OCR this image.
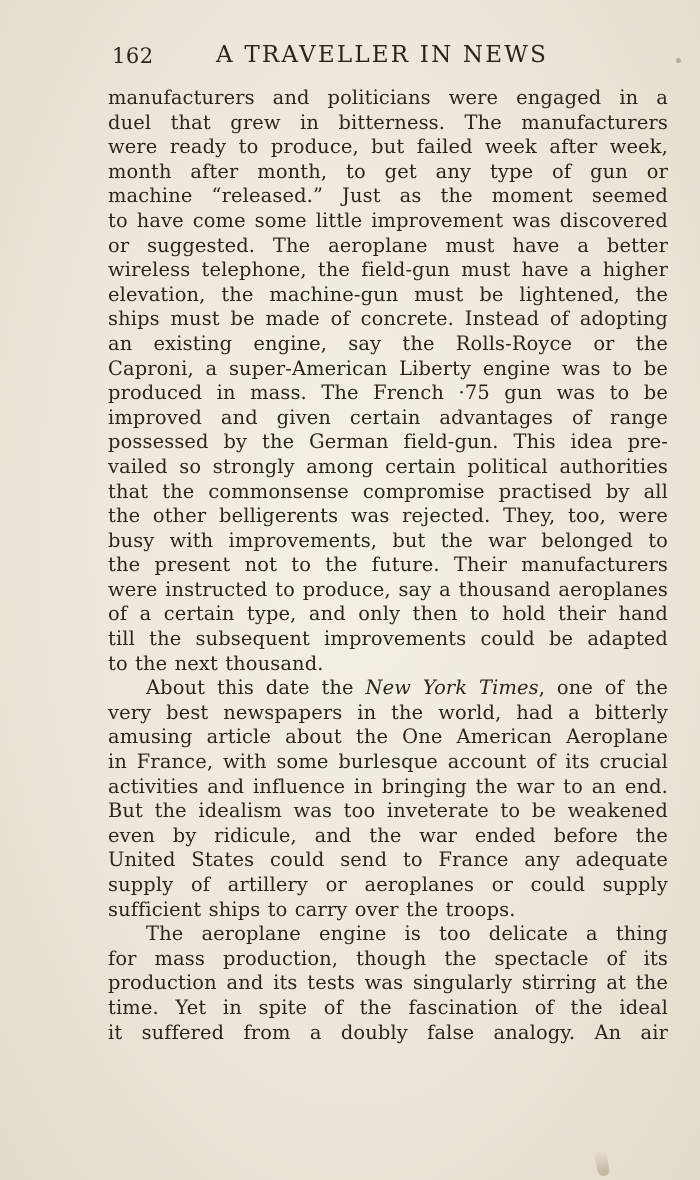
162	A TRAVELLER IN NEWS
manufacturers and politicians were engaged in a
duel that grew in bitterness. The manufacturers
were ready to produce, but failed week after week,
month after month, to get any type of gun or
machine “released.” Just as the moment seemed
to have come some little improvement was discovered
or suggested. The aeroplane must have a better
wireless telephone, the field-gun must have a higher
elevation, the machine-gun must be lightened, the
ships must be made of concrete. Instead of adopting
an existing engine, say the Rolls-Royce or the
Caproni, a super-American Liberty engine was to be
produced in mass. The French ·75 gun was to be
improved and given certain advantages of range
possessed by the German field-gun. This idea pre-
vailed so strongly among certain political authorities
that the commonsense compromise practised by all
the other belligerents was rejected. They, too, were
busy with improvements, but the war belonged to
the present not to the future. Their manufacturers
were instructed to produce, say a thousand aeroplanes
of a certain type, and only then to hold their hand
till the subsequent improvements could be adapted
to the next thousand.
About this date the New York Times, one of the
very best newspapers in the world, had a bitterly
amusing article about the One American Aeroplane
in France, with some burlesque account of its crucial
activities and influence in bringing the war to an end.
But the idealism was too inveterate to be weakened
even by ridicule, and the war ended before the
United States could send to France any adequate
supply of artillery or aeroplanes or could supply
sufficient ships to carry over the troops.
The aeroplane engine is too delicate a thing
for mass production, though the spectacle of its
production and its tests was singularly stirring at the
time. Yet in spite of the fascination of the ideal
it suffered from a doubly false analogy. An air
